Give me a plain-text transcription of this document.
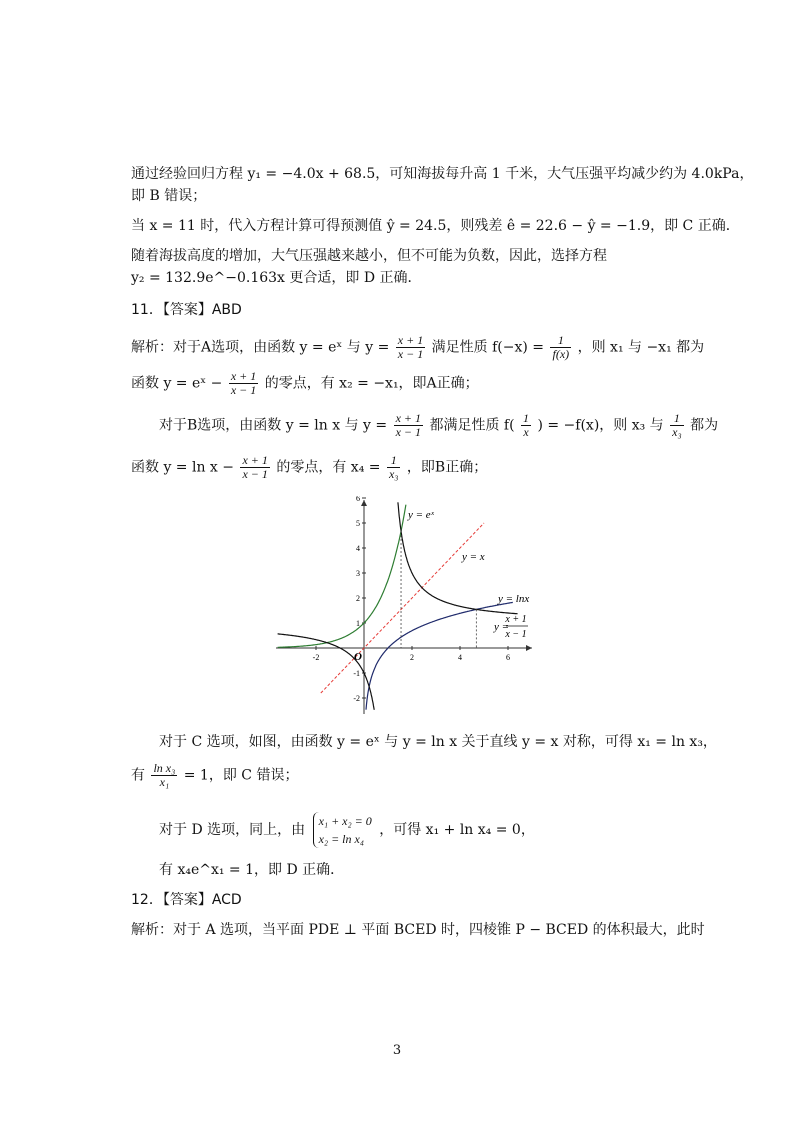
通过经验回归方程 y₁ = −4.0x + 68.5，可知海拔每升高 1 千米，大气压强平均减少约为 4.0kPa，
即 B 错误；
当 x = 11 时，代入方程计算可得预测值 ŷ = 24.5，则残差 ê = 22.6 − ŷ = −1.9，即 C 正确．
随着海拔高度的增加，大气压强越来越小，但不可能为负数，因此，选择方程
y₂ = 132.9e^−0.163x 更合适，即 D 正确．
11．【答案】ABD
解析：对于A选项，由函数 y = eˣ 与 $y = \frac{x + 1}{x - 1}$ 满足性质 $f(-x) = \frac{1}{f(x)}$ ，则 x₁ 与 −x₁ 都为
函数 y = eˣ − $\frac{x + 1}{x - 1}$ 的零点，有 x₂ = −x₁，即A正确；
对于B选项，由函数 y = ln x 与 $y = \frac{x + 1}{x - 1}$ 都满足性质 $f( \frac{1}{x}$ ) = −f(x)，则 x₃ 与 $\frac{1}{\text{x₃}}$ 都为
函数 $y = \ln x - \frac{x + 1}{x - 1}$ 的零点，有 $x_4 = \frac{1}{\text{x₃}}$ ，即B正确；
-2	2	4	6
6
5
4
3
2
1
-1
-2
O
y = eˣ
y = x
y = lnx
y =
x + 1
x − 1
对于 C 选项，如图，由函数 y = eˣ 与 y = ln x 关于直线 y = x 对称，可得 x₁ = ln x₃，
有 $\frac{\text{ln x₃}}{\text{x₁}} = 1$，即 C 错误；
对于 D 选项，同上，由
x₁ + x₂ = 0
x₂ = ln x₄
，可得 x₁ + ln x₄ = 0，
有 x₄e^x₁ = 1，即 D 正确．
12．【答案】ACD
解析：对于 A 选项，当平面 PDE ⊥ 平面 BCED 时，四棱锥 P − BCED 的体积最大，此时
3
